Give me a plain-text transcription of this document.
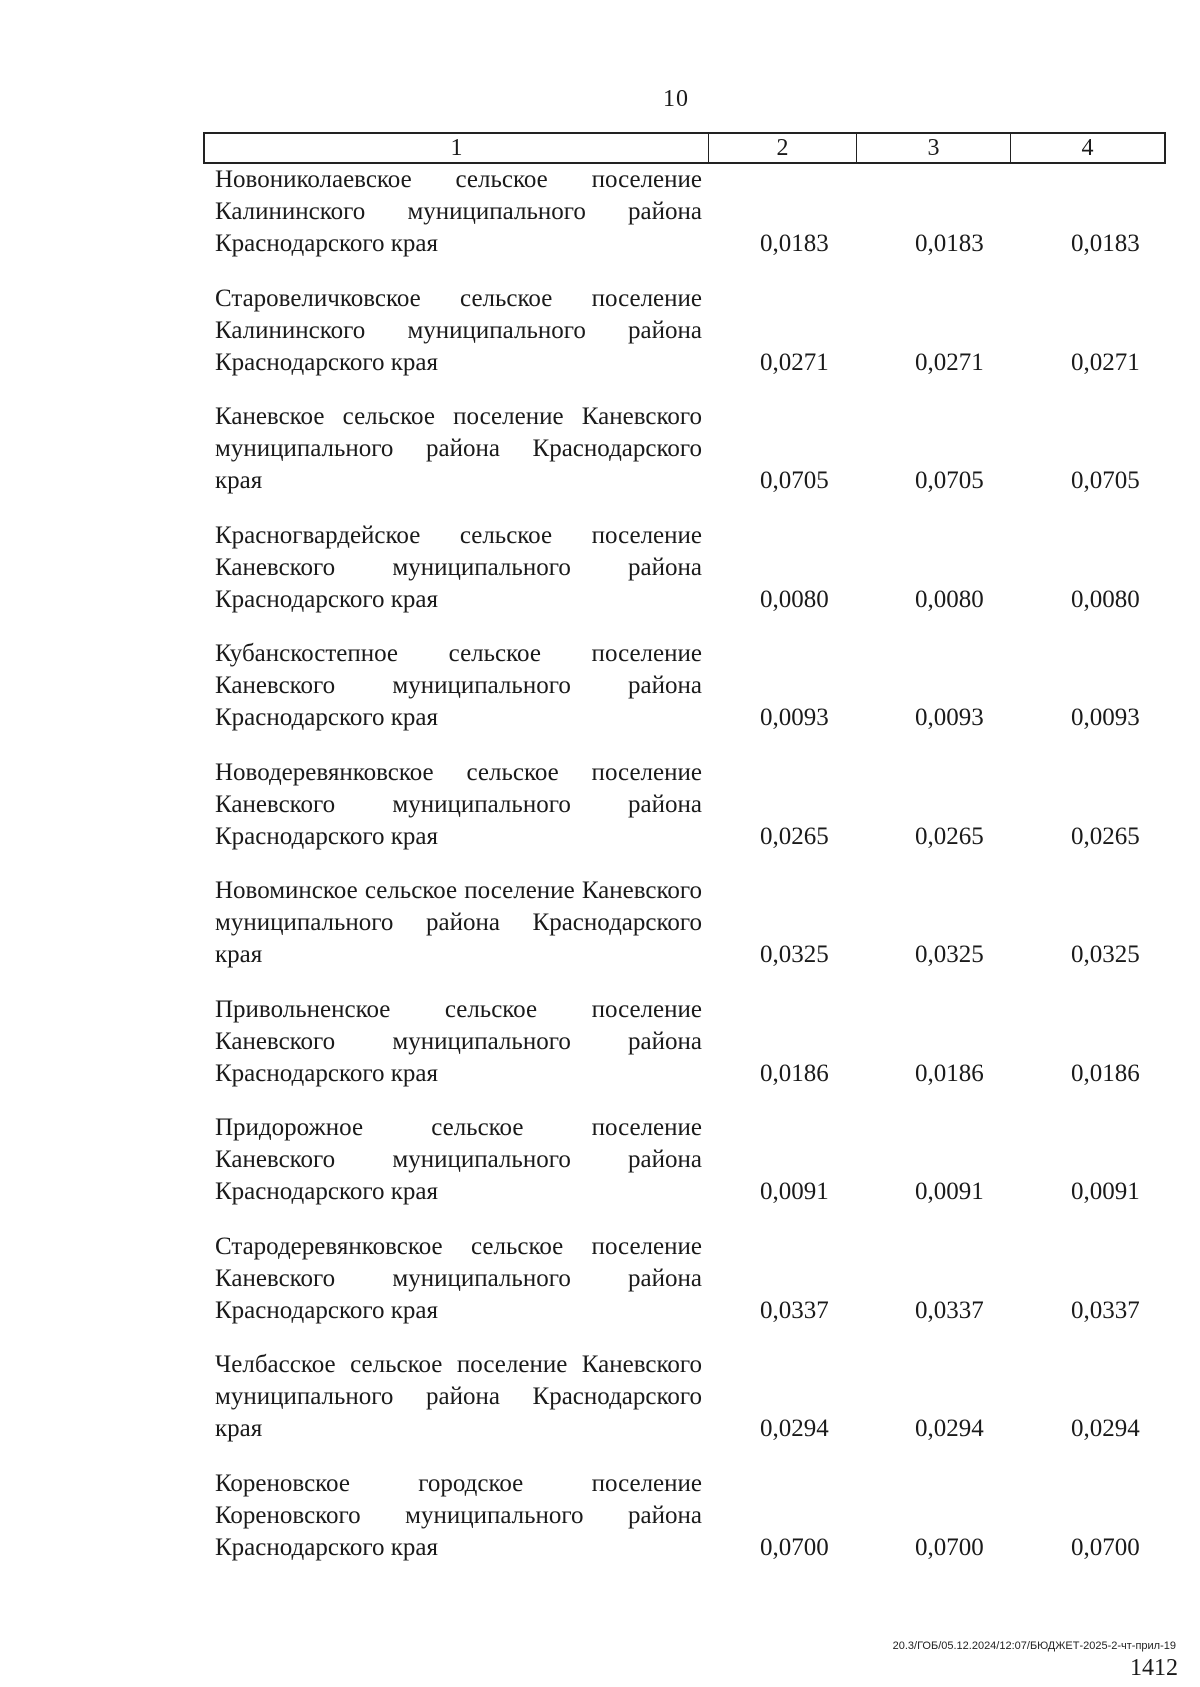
10
1	2	3	4
Новониколаевское сельское поселение Калининского муниципального района Краснодарского края	0,0183	0,0183	0,0183
Старовеличковское сельское поселение Калининского муниципального района Краснодарского края	0,0271	0,0271	0,0271
Каневское сельское поселение Каневского муниципального района Краснодарского края	0,0705	0,0705	0,0705
Красногвардейское сельское поселение Каневского муниципального района Краснодарского края	0,0080	0,0080	0,0080
Кубанскостепное сельское поселение Каневского муниципального района Краснодарского края	0,0093	0,0093	0,0093
Новодеревянковское сельское поселение Каневского муниципального района Краснодарского края	0,0265	0,0265	0,0265
Новоминское сельское поселение Каневского муниципального района Краснодарского края	0,0325	0,0325	0,0325
Привольненское сельское поселение Каневского муниципального района Краснодарского края	0,0186	0,0186	0,0186
Придорожное сельское поселение Каневского муниципального района Краснодарского края	0,0091	0,0091	0,0091
Стародеревянковское сельское поселение Каневского муниципального района Краснодарского края	0,0337	0,0337	0,0337
Челбасское сельское поселение Каневского муниципального района Краснодарского края	0,0294	0,0294	0,0294
Кореновское городское поселение Кореновского муниципального района Краснодарского края	0,0700	0,0700	0,0700
20.3/ГОБ/05.12.2024/12:07/БЮДЖЕТ-2025-2-чт-прил-19
1412
